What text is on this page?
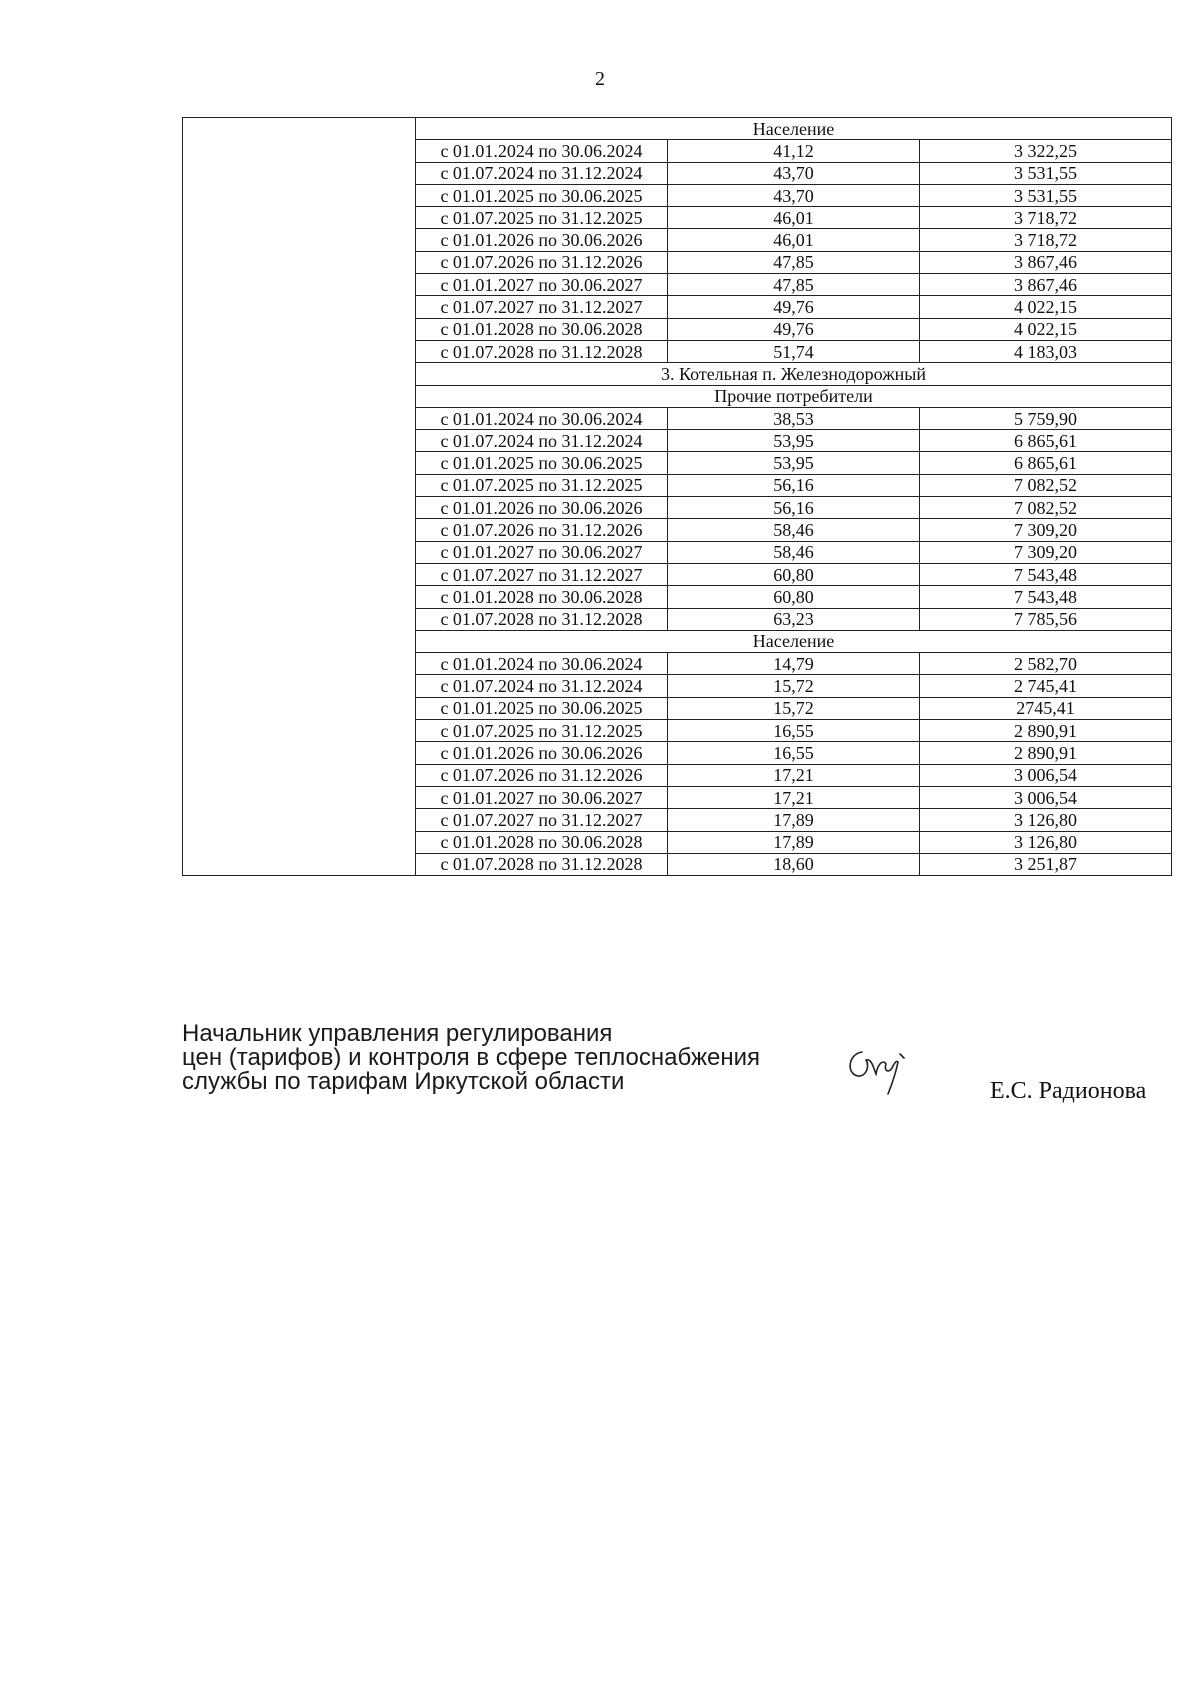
2
	Население		
	с 01.01.2024 по 30.06.2024	41,12	3 322,25
	с 01.07.2024 по 31.12.2024	43,70	3 531,55
	с 01.01.2025 по 30.06.2025	43,70	3 531,55
	с 01.07.2025 по 31.12.2025	46,01	3 718,72
	с 01.01.2026 по 30.06.2026	46,01	3 718,72
	с 01.07.2026 по 31.12.2026	47,85	3 867,46
	с 01.01.2027 по 30.06.2027	47,85	3 867,46
	с 01.07.2027 по 31.12.2027	49,76	4 022,15
	с 01.01.2028 по 30.06.2028	49,76	4 022,15
	с 01.07.2028 по 31.12.2028	51,74	4 183,03
	3. Котельная п. Железнодорожный		
	Прочие потребители		
	с 01.01.2024 по 30.06.2024	38,53	5 759,90
	с 01.07.2024 по 31.12.2024	53,95	6 865,61
	с 01.01.2025 по 30.06.2025	53,95	6 865,61
	с 01.07.2025 по 31.12.2025	56,16	7 082,52
	с 01.01.2026 по 30.06.2026	56,16	7 082,52
	с 01.07.2026 по 31.12.2026	58,46	7 309,20
	с 01.01.2027 по 30.06.2027	58,46	7 309,20
	с 01.07.2027 по 31.12.2027	60,80	7 543,48
	с 01.01.2028 по 30.06.2028	60,80	7 543,48
	с 01.07.2028 по 31.12.2028	63,23	7 785,56
	Население		
	с 01.01.2024 по 30.06.2024	14,79	2 582,70
	с 01.07.2024 по 31.12.2024	15,72	2 745,41
	с 01.01.2025 по 30.06.2025	15,72	2745,41
	с 01.07.2025 по 31.12.2025	16,55	2 890,91
	с 01.01.2026 по 30.06.2026	16,55	2 890,91
	с 01.07.2026 по 31.12.2026	17,21	3 006,54
	с 01.01.2027 по 30.06.2027	17,21	3 006,54
	с 01.07.2027 по 31.12.2027	17,89	3 126,80
	с 01.01.2028 по 30.06.2028	17,89	3 126,80
	с 01.07.2028 по 31.12.2028	18,60	3 251,87
Начальник управления регулирования
цен (тарифов) и контроля в сфере теплоснабжения
службы по тарифам Иркутской области	Е.С. Радионова
